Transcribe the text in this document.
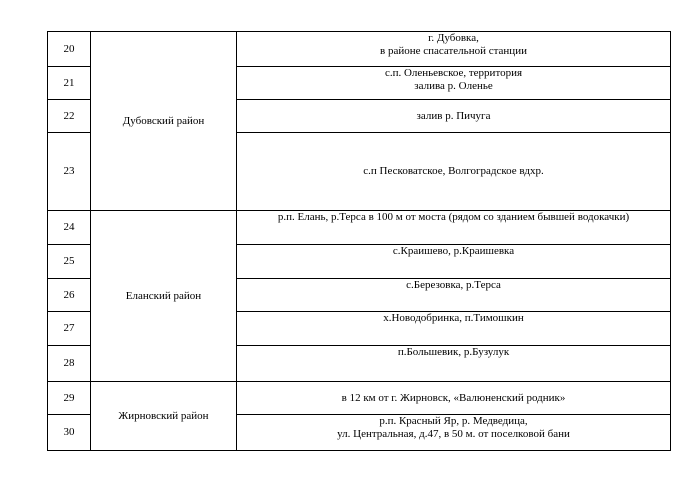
20	Дубовский район	г. Дубовка,
в районе спасательной станции
21		с.п. Оленьевское, территория
залива р. Оленье
22		залив р. Пичуга
23		с.п Песковатское, Волгоградское вдхр.
24	Еланский район	р.п. Елань, р.Терса в 100 м от моста (рядом со зданием бывшей водокачки)
25		с.Краишево, р.Краишевка
26		с.Березовка, р.Терса
27		х.Новодобринка, п.Тимошкин
28		п.Большевик, р.Бузулук
29	Жирновский район	в 12 км от г. Жирновск, «Валюненский родник»
30		р.п. Красный Яр, р. Медведица,
ул. Центральная, д.47, в 50 м. от поселковой бани
